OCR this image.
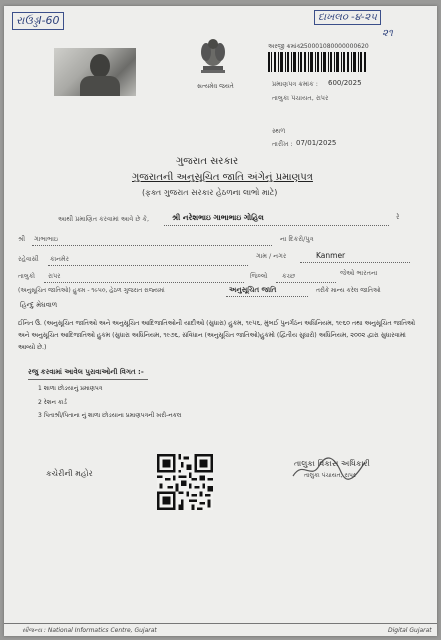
રાઉડ્ડI-60	દાખલ૦ -૪-૨૫
૨૧
સત્યમેવ જયતે
અરજી ક્રમાંક :
250001080000000620
પ્રમાણપત્ર ક્રમાંક : 600/2025
તાલુકા પંચાયત, રાપર
સ્થળ
તારીખ : 07/01/2025
ગુજરાત સરકાર
ગુજરાતની અનુસૂચિત જાતિ અંગેનું પ્રમાણપત્ર
(ફક્ત ગુજરાત સરકાર હેઠળના લાભો માટે)
આથી પ્રમાણિત કરવામાં આવે છે કે,	શ્રી નરેશભાઇ ગાભાભાઇ ગોહિલ	રે
શ્રી ગાભાભાઇ	ના દિકરો/પુત્ર
રહેવાસી કાનમેર	ગામ / નગર	Kanmer
તાલુકો રાપર	જિલ્લો કચ્છ	જેઓ ભારતના
(અનુસૂચિત જાતિઓ) હુકમ - ૧૯૫૦, હેઠળ ગુજરાત રાજ્યમાં	અનુસૂચિત જાતિ	તરીકે માન્ય કરેલ જાતિઓ
હિન્દુ મેઘવાળ
ઈનિત ઉ. (અનુસૂચિત જાતિઓ અને અનુસૂચિત આદિજાતિઓની યાદીઓ (સુધારા) હુકમ, ૧૯૫૬, મુંબઈ પુનર્ગઠન અધિનિયમ, ૧૯૬૦ તથા અનુસૂચિત જાતિઓ અને અનુસૂચિત આદિજાતિઓ હુકમ (સુધારા અધિનિયમ, ૧૯૭૬, સંવિધાન (અનુસૂચિત જાતિઓ)હુકમો (દ્વિતીય સુધારો) અધિનિયમ, ૨૦૦૨ દ્વારા સુધારવામાં આવ્યો છે.)
રજુ કરવામાં આવેલ પુરાવાઓની વિગત :-
1 શાળા છોડયાનું પ્રમાણપત્ર
2 રેશન કાર્ડ
3 પિતાશ્રી/પિતાના નું શાળા છોડયાના પ્રમાણપત્રની ખરી-નકલ
કચેરીની મહોર
તાલુકા વિકાસ અધિકારી
તાલુકા પંચાયત, રાપર
સૌજન્ય : National Informatics Centre, Gujarat	Digital Gujarat
